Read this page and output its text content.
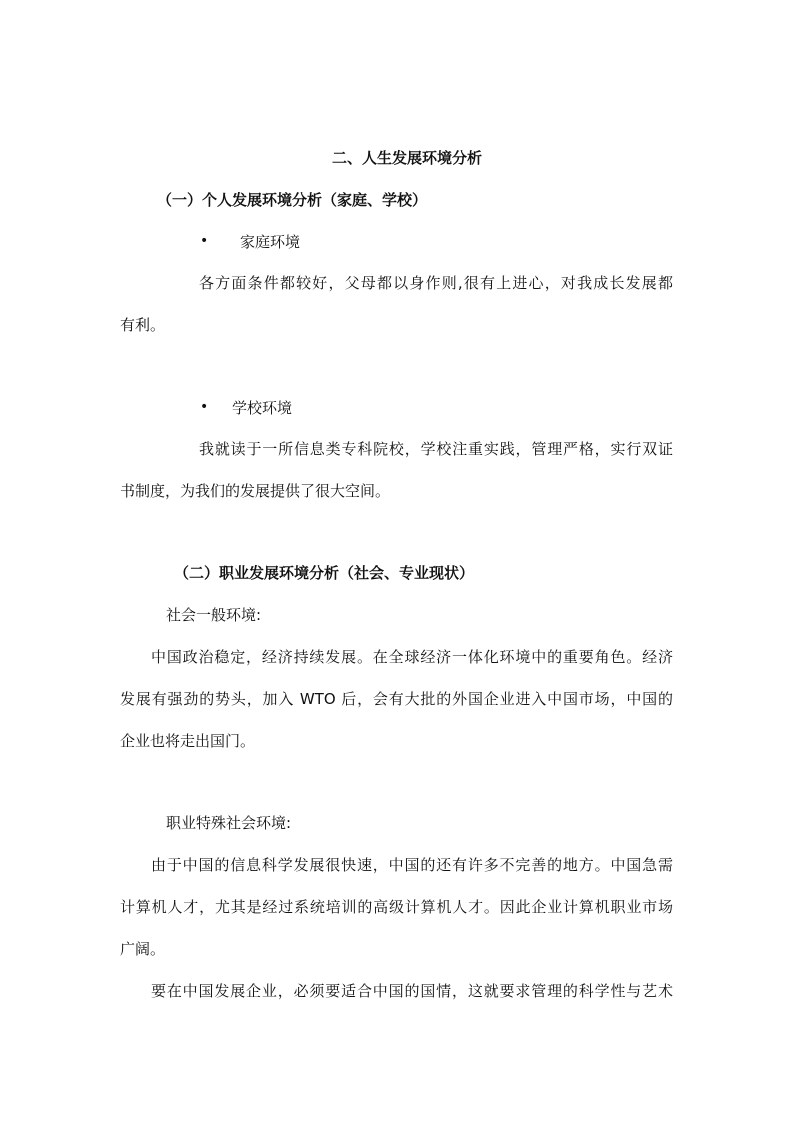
二、人生发展环境分析
（一）个人发展环境分析（家庭、学校）
• 家庭环境
各方面条件都较好，父母都以身作则,很有上进心，对我成长发展都
有利。
• 学校环境
我就读于一所信息类专科院校，学校注重实践，管理严格，实行双证
书制度，为我们的发展提供了很大空间。
（二）职业发展环境分析（社会、专业现状）
社会一般环境:
中国政治稳定，经济持续发展。在全球经济一体化环境中的重要角色。经济
发展有强劲的势头，加入 WTO 后，会有大批的外国企业进入中国市场，中国的
企业也将走出国门。
职业特殊社会环境:
由于中国的信息科学发展很快速，中国的还有许多不完善的地方。中国急需
计算机人才，尤其是经过系统培训的高级计算机人才。因此企业计算机职业市场
广阔。
要在中国发展企业，必须要适合中国的国情，这就要求管理的科学性与艺术
